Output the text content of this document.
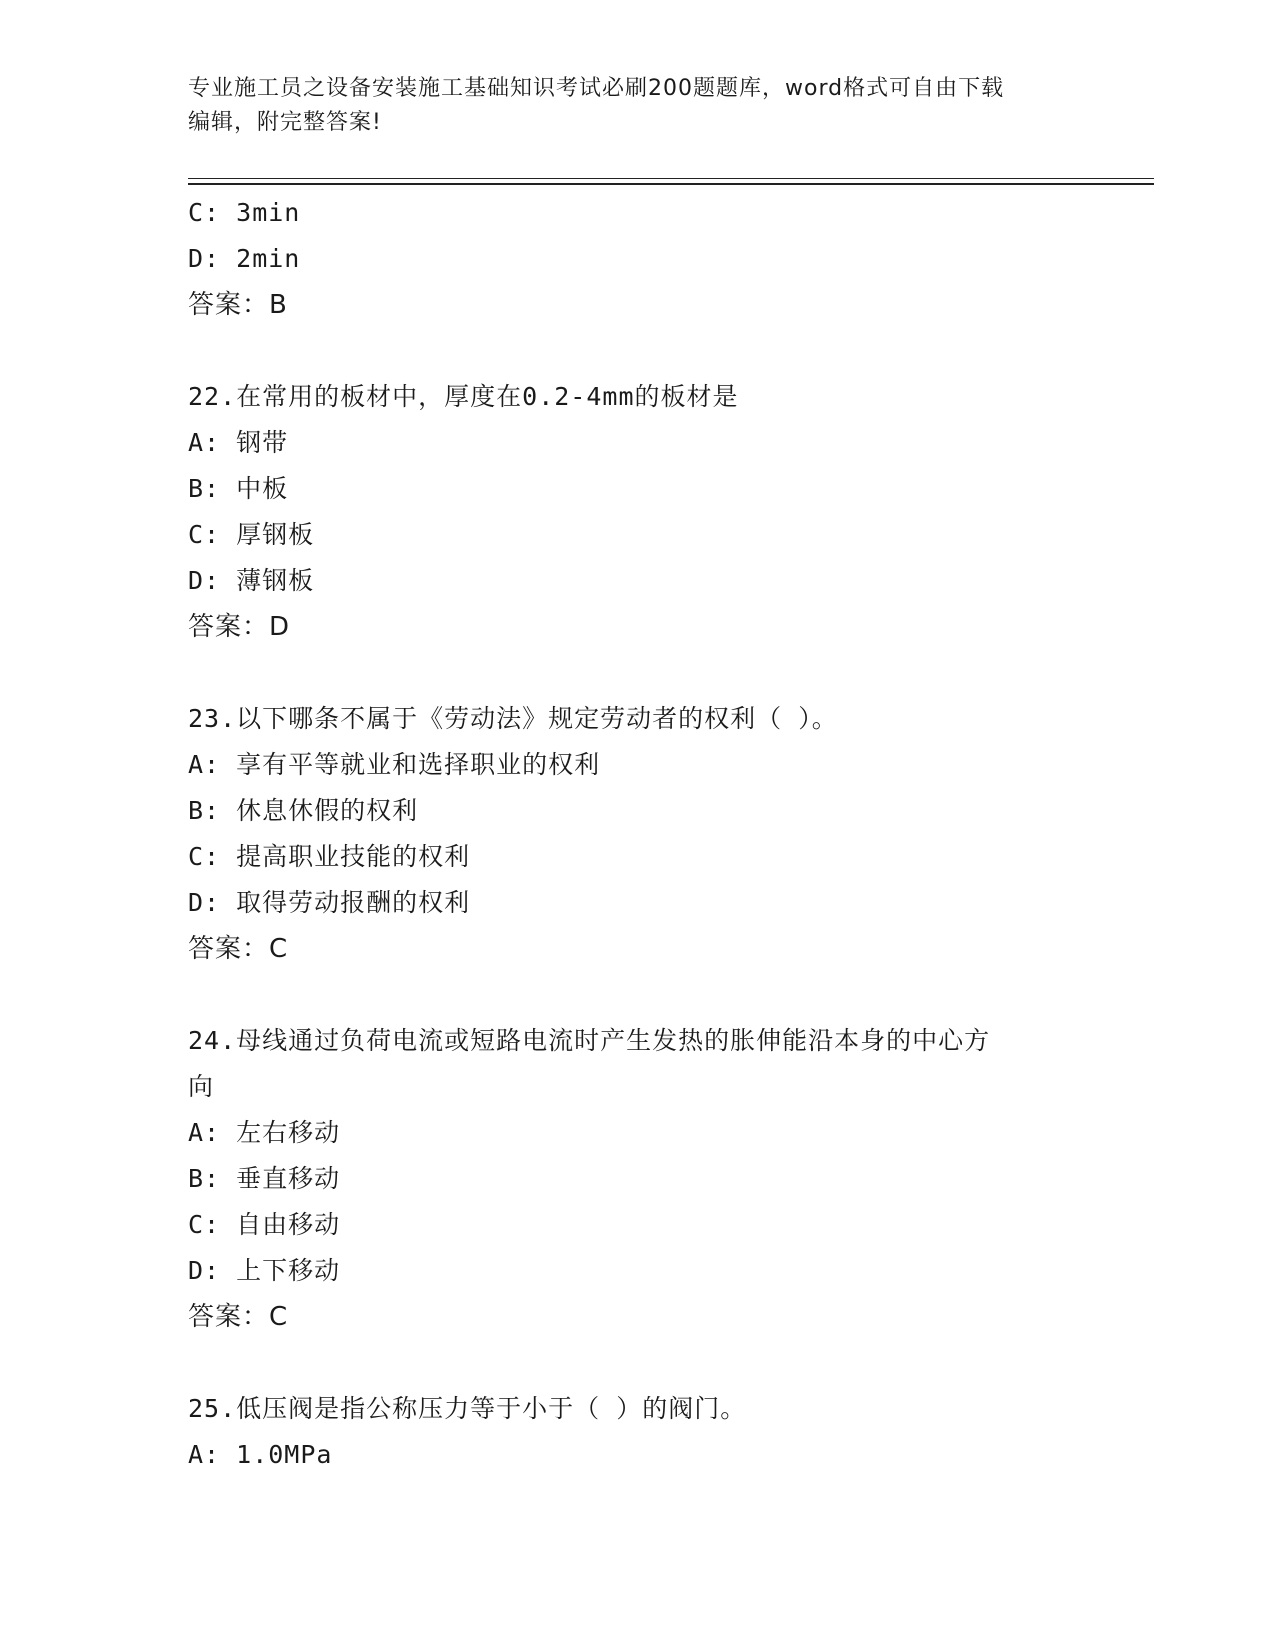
专业施工员之设备安装施工基础知识考试必刷200题题库，word格式可自由下载
编辑，附完整答案!
C: 3min
D: 2min
答案：B
22.在常用的板材中，厚度在0.2-4mm的板材是
A: 钢带
B: 中板
C: 厚钢板
D: 薄钢板
答案：D
23.以下哪条不属于《劳动法》规定劳动者的权利（ ）。
A: 享有平等就业和选择职业的权利
B: 休息休假的权利
C: 提高职业技能的权利
D: 取得劳动报酬的权利
答案：C
24.母线通过负荷电流或短路电流时产生发热的胀伸能沿本身的中心方
向
A: 左右移动
B: 垂直移动
C: 自由移动
D: 上下移动
答案：C
25.低压阀是指公称压力等于小于（ ）的阀门。
A: 1.0MPa
